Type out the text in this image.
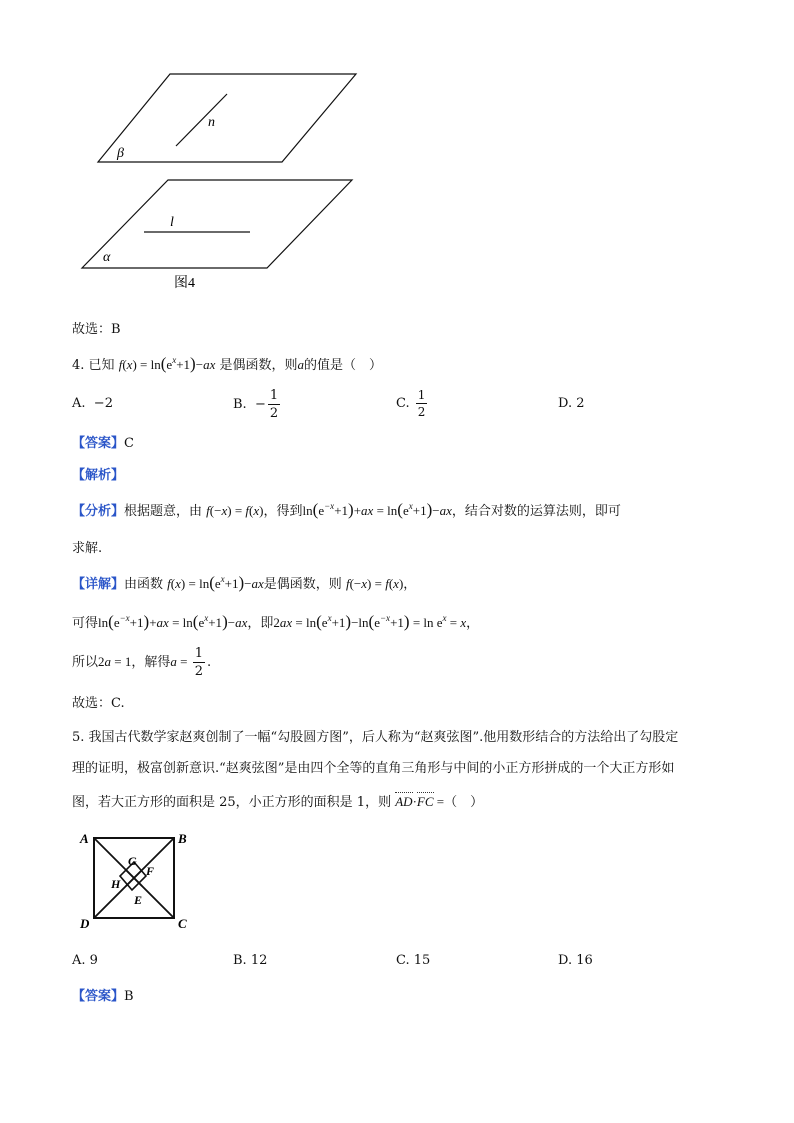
n
β
l
α
图4
故选：B
4. 已知 $f(x) = \ln(e^x+1)-ax$ 是偶函数，则a的值是（　）
A. −2	B. − $\frac{1}{2}$	C. $\frac{1}{2}$	D. 2
【答案】C
【解析】
【分析】根据题意，由 f(−x) = f(x)，得到$\ln(e^{-x}+1)+ax = \ln(e^x+1)-ax$，结合对数的运算法则，即可
求解.
【详解】由函数 $f(x) = \ln(e^x+1)-ax$是偶函数，则 f(−x) = f(x)，
可得$\ln(e^{-x}+1)+ax = \ln(e^x+1)-ax$，即$2ax = \ln(e^x+1)-\ln(e^{-x}+1) = \ln e^x = x$，
所以2a = 1，解得$a = \frac{1}{2}$ .
故选：C.
5. 我国古代数学家赵爽创制了一幅“勾股圆方图”，后人称为“赵爽弦图”.他用数形结合的方法给出了勾股定
理的证明，极富创新意识.“赵爽弦图”是由四个全等的直角三角形与中间的小正方形拼成的一个大正方形如
图，若大正方形的面积是 25，小正方形的面积是 1，则 AD·FC =（　）
A	B
C
D
G
F
H
E
A. 9	B. 12	C. 15	D. 16
【答案】B
